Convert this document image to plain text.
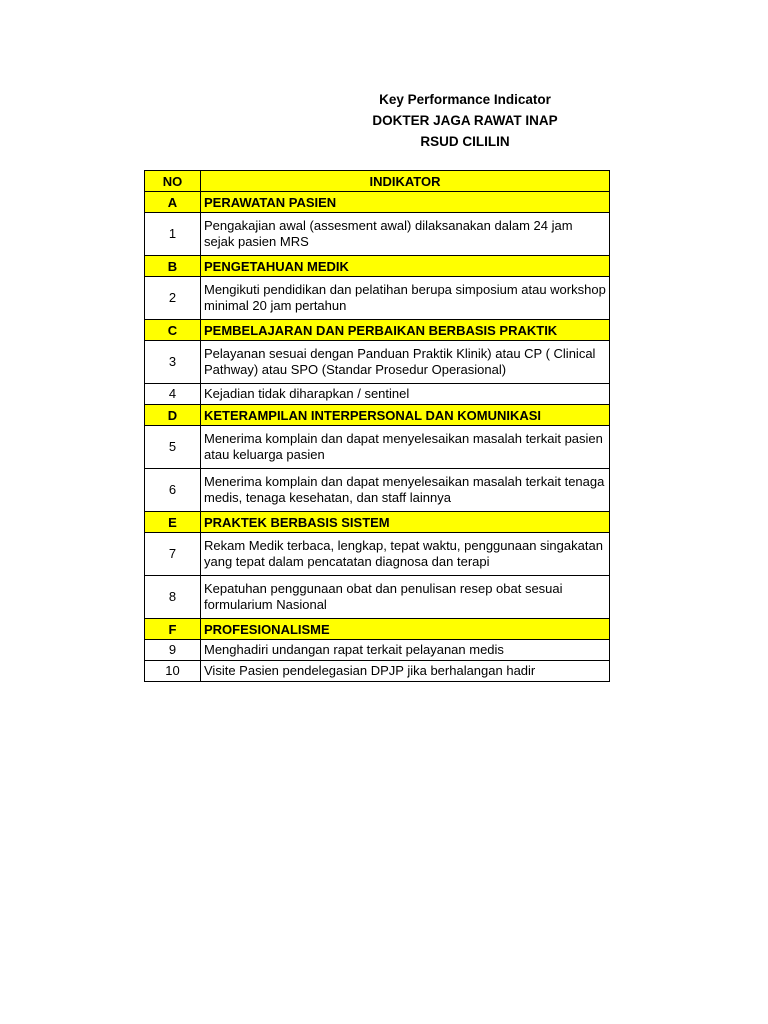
Key Performance Indicator
DOKTER JAGA RAWAT INAP
RSUD CILILIN
NO	INDIKATOR
A	PERAWATAN PASIEN
1	Pengakajian awal (assesment awal) dilaksanakan dalam 24 jam sejak pasien MRS
B	PENGETAHUAN MEDIK
2	Mengikuti pendidikan dan pelatihan berupa simposium atau workshop minimal 20 jam pertahun
C	PEMBELAJARAN DAN PERBAIKAN BERBASIS PRAKTIK
3	Pelayanan sesuai dengan Panduan Praktik Klinik) atau CP ( Clinical Pathway) atau SPO (Standar Prosedur Operasional)
4	Kejadian tidak diharapkan / sentinel
D	KETERAMPILAN INTERPERSONAL DAN KOMUNIKASI
5	Menerima komplain dan dapat menyelesaikan masalah terkait pasien atau keluarga pasien
6	Menerima komplain dan dapat menyelesaikan masalah terkait tenaga medis, tenaga kesehatan, dan staff lainnya
E	PRAKTEK BERBASIS SISTEM
7	Rekam Medik terbaca, lengkap, tepat waktu, penggunaan singakatan yang tepat dalam pencatatan diagnosa dan terapi
8	Kepatuhan penggunaan obat dan penulisan resep obat sesuai formularium Nasional
F	PROFESIONALISME
9	Menghadiri undangan rapat terkait pelayanan medis
10	Visite Pasien pendelegasian DPJP jika berhalangan hadir
